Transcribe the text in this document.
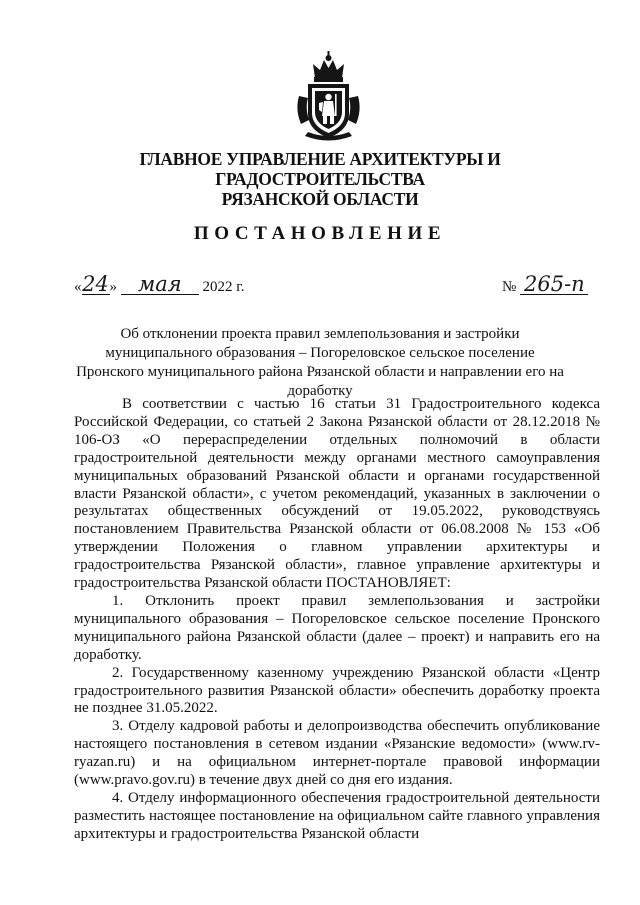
ГЛАВНОЕ УПРАВЛЕНИЕ АРХИТЕКТУРЫ И ГРАДОСТРОИТЕЛЬСТВА
РЯЗАНСКОЙ ОБЛАСТИ
ПОСТАНОВЛЕНИЕ
«24» мая 2022 г.	№ 265-п
Об отклонении проекта правил землепользования и застройки муниципального образования – Погореловское сельское поселение Пронского муниципального района Рязанской области и направлении его на доработку

В соответствии с частью 16 статьи 31 Градостроительного кодекса Российской Федерации, со статьей 2 Закона Рязанской области от 28.12.2018 № 106-ОЗ «О перераспределении отдельных полномочий в области градостроительной деятельности между органами местного самоуправления муниципальных образований Рязанской области и органами государственной власти Рязанской области», с учетом рекомендаций, указанных в заключении о результатах общественных обсуждений от 19.05.2022, руководствуясь постановлением Правительства Рязанской области от 06.08.2008 № 153 «Об утверждении Положения о главном управлении архитектуры и градостроительства Рязанской области», главное управление архитектуры и градостроительства Рязанской области ПОСТАНОВЛЯЕТ:

1. Отклонить проект правил землепользования и застройки муниципального образования – Погореловское сельское поселение Пронского муниципального района Рязанской области (далее – проект) и направить его на доработку.

2. Государственному казенному учреждению Рязанской области «Центр градостроительного развития Рязанской области» обеспечить доработку проекта не позднее 31.05.2022.

3. Отделу кадровой работы и делопроизводства обеспечить опубликование настоящего постановления в сетевом издании «Рязанские ведомости» (www.rv-ryazan.ru) и на официальном интернет-портале правовой информации (www.pravo.gov.ru) в течение двух дней со дня его издания.

4. Отделу информационного обеспечения градостроительной деятельности разместить настоящее постановление на официальном сайте главного управления архитектуры и градостроительства Рязанской области
